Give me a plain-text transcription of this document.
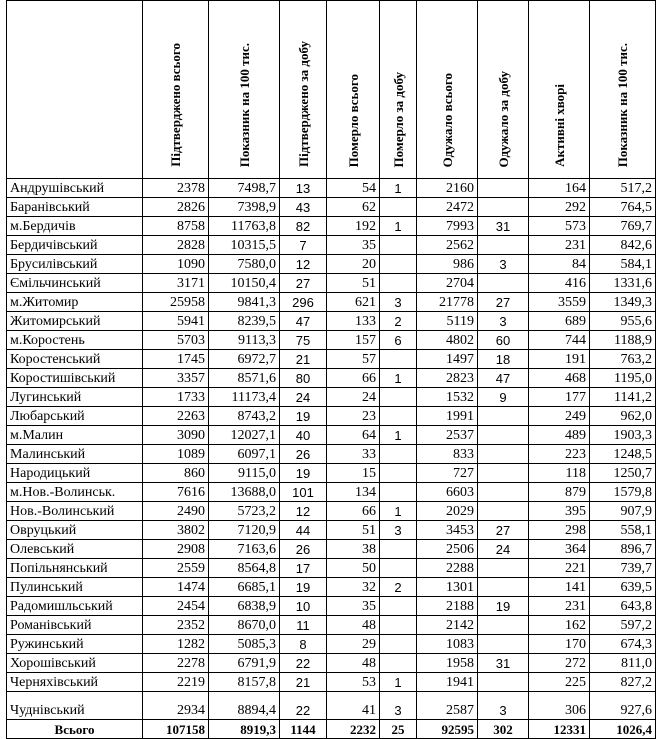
	Підтверджено всього	Показник на 100 тис.	Підтверджено за добу	Померло всього	Померло за добу	Одужало всього	Одужало за добу	Активні хворі	Показник на 100 тис.
Андрушівський	2378	7498,7	13	54	1	2160		164	517,2
Баранівський	2826	7398,9	43	62		2472		292	764,5
м.Бердичів	8758	11763,8	82	192	1	7993	31	573	769,7
Бердичівський	2828	10315,5	7	35		2562		231	842,6
Брусилівський	1090	7580,0	12	20		986	3	84	584,1
Ємільчинський	3171	10150,4	27	51		2704		416	1331,6
м.Житомир	25958	9841,3	296	621	3	21778	27	3559	1349,3
Житомирський	5941	8239,5	47	133	2	5119	3	689	955,6
м.Коростень	5703	9113,3	75	157	6	4802	60	744	1188,9
Коростенський	1745	6972,7	21	57		1497	18	191	763,2
Коростишівський	3357	8571,6	80	66	1	2823	47	468	1195,0
Лугинський	1733	11173,4	24	24		1532	9	177	1141,2
Любарський	2263	8743,2	19	23		1991		249	962,0
м.Малин	3090	12027,1	40	64	1	2537		489	1903,3
Малинський	1089	6097,1	26	33		833		223	1248,5
Народицький	860	9115,0	19	15		727		118	1250,7
м.Нов.-Волинськ.	7616	13688,0	101	134		6603		879	1579,8
Нов.-Волинський	2490	5723,2	12	66	1	2029		395	907,9
Овруцький	3802	7120,9	44	51	3	3453	27	298	558,1
Олевський	2908	7163,6	26	38		2506	24	364	896,7
Попільнянський	2559	8564,8	17	50		2288		221	739,7
Пулинський	1474	6685,1	19	32	2	1301		141	639,5
Радомишльський	2454	6838,9	10	35		2188	19	231	643,8
Романівський	2352	8670,0	11	48		2142		162	597,2
Ружинський	1282	5085,3	8	29		1083		170	674,3
Хорошівський	2278	6791,9	22	48		1958	31	272	811,0
Черняхівський	2219	8157,8	21	53	1	1941		225	827,2
Чуднівський	2934	8894,4	22	41	3	2587	3	306	927,6
Всього	107158	8919,3	1144	2232	25	92595	302	12331	1026,4
